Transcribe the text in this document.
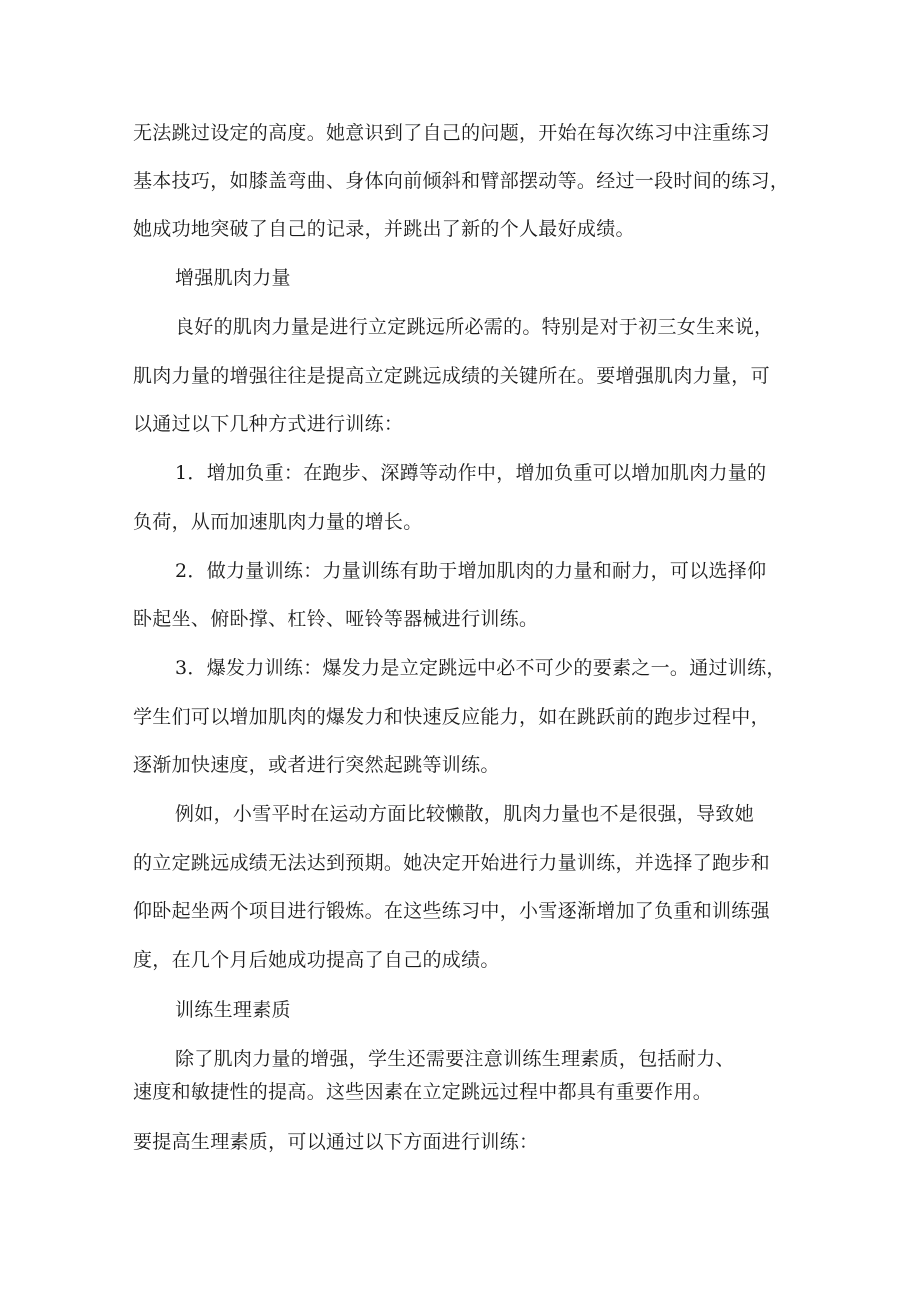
无法跳过设定的高度。她意识到了自己的问题，开始在每次练习中注重练习
基本技巧，如膝盖弯曲、身体向前倾斜和臂部摆动等。经过一段时间的练习，
她成功地突破了自己的记录，并跳出了新的个人最好成绩。
增强肌肉力量
良好的肌肉力量是进行立定跳远所必需的。特别是对于初三女生来说，
肌肉力量的增强往往是提高立定跳远成绩的关键所在。要增强肌肉力量，可
以通过以下几种方式进行训练：
1．增加负重：在跑步、深蹲等动作中，增加负重可以增加肌肉力量的
负荷，从而加速肌肉力量的增长。
2．做力量训练：力量训练有助于增加肌肉的力量和耐力，可以选择仰
卧起坐、俯卧撑、杠铃、哑铃等器械进行训练。
3．爆发力训练：爆发力是立定跳远中必不可少的要素之一。通过训练，
学生们可以增加肌肉的爆发力和快速反应能力，如在跳跃前的跑步过程中，
逐渐加快速度，或者进行突然起跳等训练。
例如，小雪平时在运动方面比较懒散，肌肉力量也不是很强，导致她
的立定跳远成绩无法达到预期。她决定开始进行力量训练，并选择了跑步和
仰卧起坐两个项目进行锻炼。在这些练习中，小雪逐渐增加了负重和训练强
度，在几个月后她成功提高了自己的成绩。
训练生理素质
除了肌肉力量的增强，学生还需要注意训练生理素质，包括耐力、
速度和敏捷性的提高。这些因素在立定跳远过程中都具有重要作用。
要提高生理素质，可以通过以下方面进行训练：
